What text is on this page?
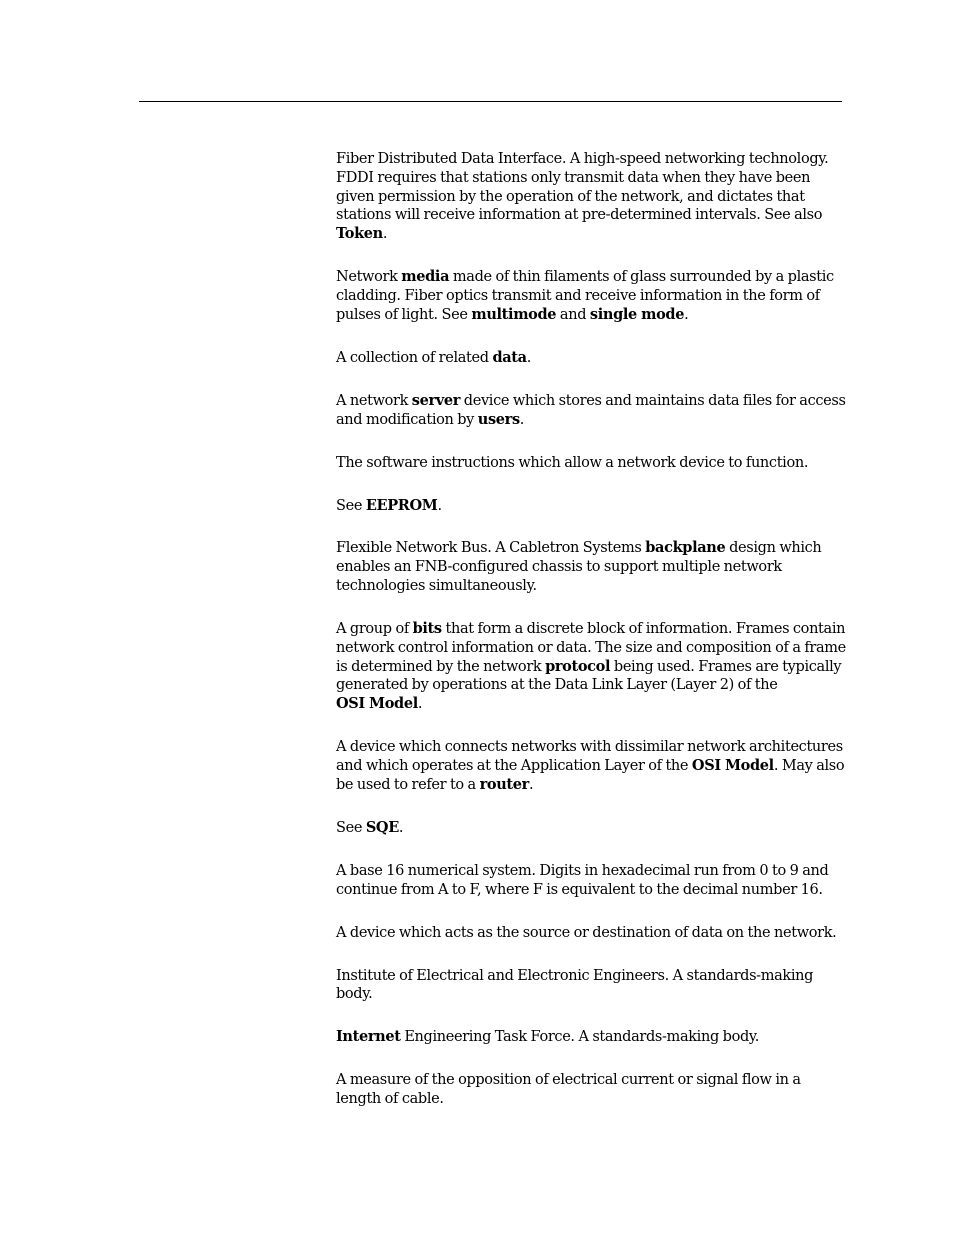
Fiber Distributed Data Interface. A high-speed networking technology. FDDI requires that stations only transmit data when they have been given permission by the operation of the network, and dictates that stations will receive information at pre-determined intervals. See also Token.

Network media made of thin filaments of glass surrounded by a plastic cladding. Fiber optics transmit and receive information in the form of pulses of light. See multimode and single mode.

A collection of related data.

A network server device which stores and maintains data files for access and modification by users.

The software instructions which allow a network device to function.

See EEPROM.

Flexible Network Bus. A Cabletron Systems backplane design which enables an FNB-configured chassis to support multiple network technologies simultaneously.

A group of bits that form a discrete block of information. Frames contain network control information or data. The size and composition of a frame is determined by the network protocol being used. Frames are typically generated by operations at the Data Link Layer (Layer 2) of the
OSI Model.

A device which connects networks with dissimilar network architectures and which operates at the Application Layer of the OSI Model. May also be used to refer to a router.

See SQE.

A base 16 numerical system. Digits in hexadecimal run from 0 to 9 and continue from A to F, where F is equivalent to the decimal number 16.

A device which acts as the source or destination of data on the network.

Institute of Electrical and Electronic Engineers. A standards-making body.

Internet Engineering Task Force. A standards-making body.

A measure of the opposition of electrical current or signal flow in a length of cable.
